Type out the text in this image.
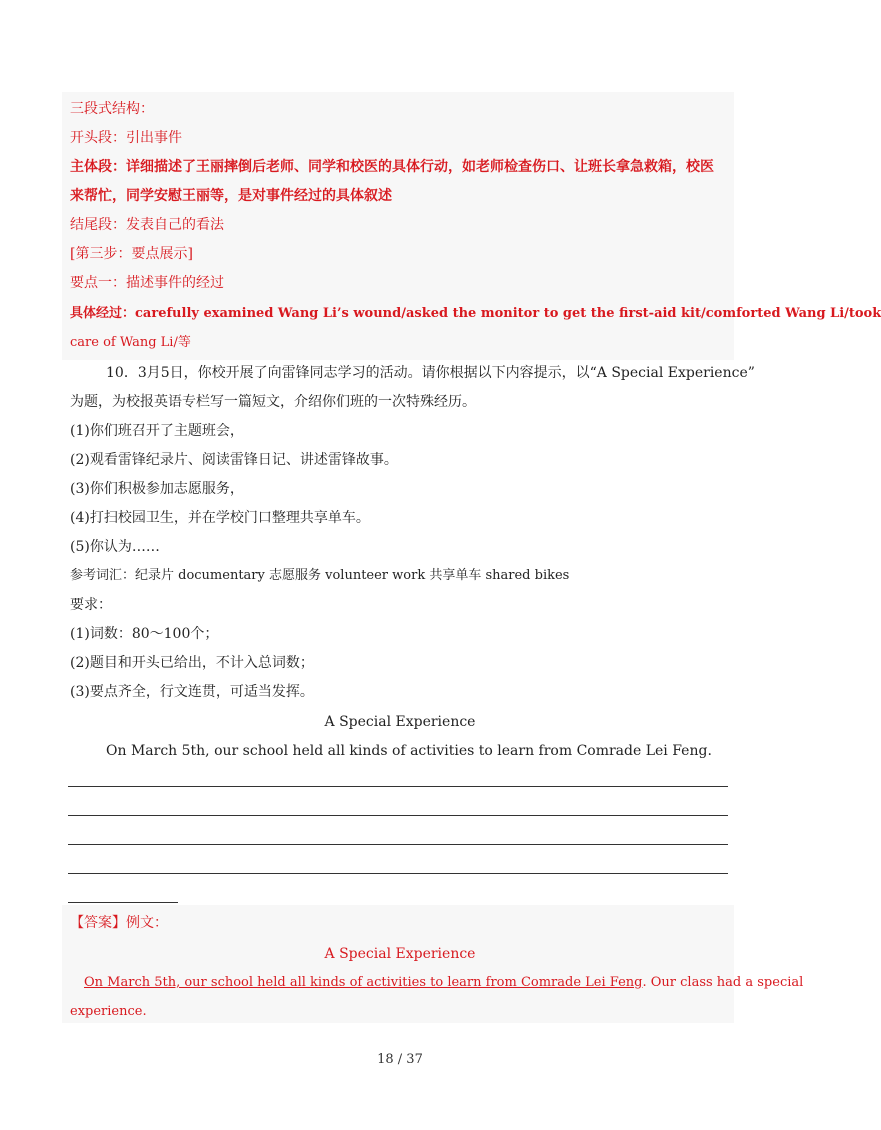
三段式结构：
开头段：引出事件
主体段：详细描述了王丽摔倒后老师、同学和校医的具体行动，如老师检查伤口、让班长拿急救箱，校医
来帮忙，同学安慰王丽等，是对事件经过的具体叙述
结尾段：发表自己的看法
[第三步：要点展示]
要点一：描述事件的经过
具体经过：carefully examined Wang Li’s wound/asked the monitor to get the first-aid kit/comforted Wang Li/took
care of Wang Li/等
10．3月5日，你校开展了向雷锋同志学习的活动。请你根据以下内容提示，以“A Special Experience”
为题，为校报英语专栏写一篇短文，介绍你们班的一次特殊经历。
(1)你们班召开了主题班会，
(2)观看雷锋纪录片、阅读雷锋日记、讲述雷锋故事。
(3)你们积极参加志愿服务，
(4)打扫校园卫生，并在学校门口整理共享单车。
(5)你认为……
参考词汇：纪录片 documentary 志愿服务 volunteer work 共享单车 shared bikes
要求：
(1)词数：80～100个；
(2)题目和开头已给出，不计入总词数；
(3)要点齐全，行文连贯，可适当发挥。
A Special Experience
On March 5th, our school held all kinds of activities to learn from Comrade Lei Feng.
【答案】例文：
A Special Experience
On March 5th, our school held all kinds of activities to learn from Comrade Lei Feng. Our class had a special
experience.
18 / 37
